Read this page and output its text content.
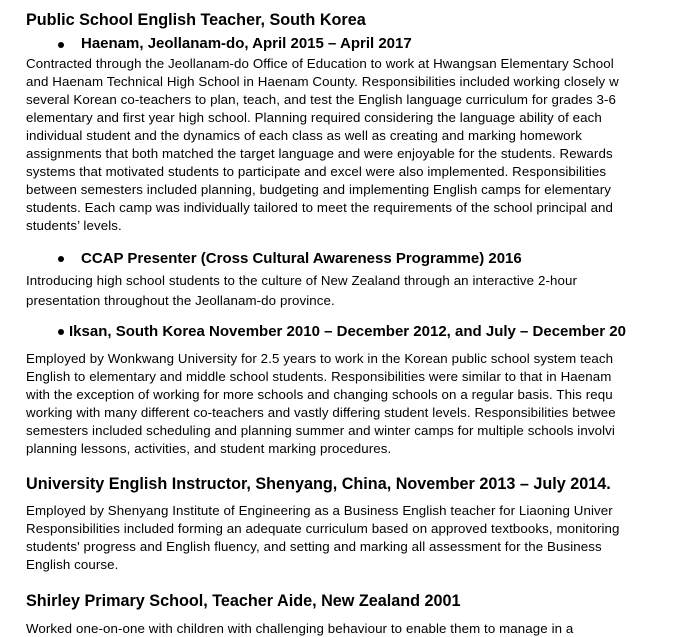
Public School English Teacher, South Korea
Haenam, Jeollanam-do, April 2015 – April 2017
Contracted through the Jeollanam-do Office of Education to work at Hwangsan Elementary School
and Haenam Technical High School in Haenam County. Responsibilities included working closely w
several Korean co-teachers to plan, teach, and test the English language curriculum for grades 3-6
elementary and first year high school. Planning required considering the language ability of each
individual student and the dynamics of each class as well as creating and marking homework
assignments that both matched the target language and were enjoyable for the students. Rewards
systems that motivated students to participate and excel were also implemented. Responsibilities
between semesters included planning, budgeting and implementing English camps for elementary
students. Each camp was individually tailored to meet the requirements of the school principal and
students’ levels.
CCAP Presenter (Cross Cultural Awareness Programme) 2016
Introducing high school students to the culture of New Zealand through an interactive 2-hour
presentation throughout the Jeollanam-do province.
Iksan, South Korea November 2010 – December 2012, and July – December 20
Employed by Wonkwang University for 2.5 years to work in the Korean public school system teach
English to elementary and middle school students. Responsibilities were similar to that in Haenam
with the exception of working for more schools and changing schools on a regular basis. This requ
working with many different co-teachers and vastly differing student levels. Responsibilities betwee
semesters included scheduling and planning summer and winter camps for multiple schools involvi
planning lessons, activities, and student marking procedures.
University English Instructor, Shenyang, China, November 2013 – July 2014.
Employed by Shenyang Institute of Engineering as a Business English teacher for Liaoning Univer
Responsibilities included forming an adequate curriculum based on approved textbooks, monitoring
students' progress and English fluency, and setting and marking all assessment for the Business
English course.
Shirley Primary School, Teacher Aide, New Zealand 2001
Worked one-on-one with children with challenging behaviour to enable them to manage in a
